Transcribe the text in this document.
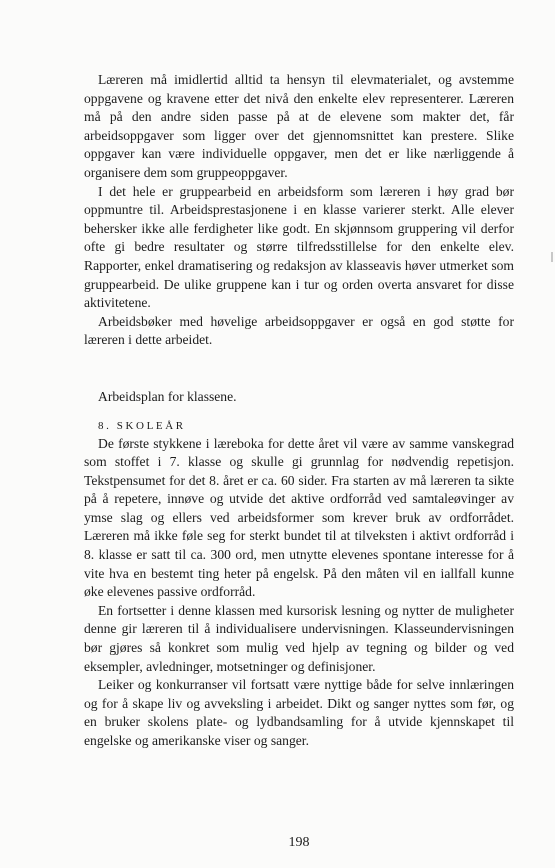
Læreren må imidlertid alltid ta hensyn til elevmaterialet, og avstemme oppgavene og kravene etter det nivå den enkelte elev representerer. Læreren må på den andre siden passe på at de elevene som makter det, får arbeidsoppgaver som ligger over det gjennomsnittet kan prestere. Slike oppgaver kan være individuelle oppgaver, men det er like nærliggende å organisere dem som gruppeoppgaver.

I det hele er gruppearbeid en arbeidsform som læreren i høy grad bør oppmuntre til. Arbeidsprestasjonene i en klasse varierer sterkt. Alle elever behersker ikke alle ferdigheter like godt. En skjønnsom gruppering vil derfor ofte gi bedre resultater og større tilfredsstillelse for den enkelte elev. Rapporter, enkel dramatisering og redaksjon av klasseavis høver utmerket som gruppearbeid. De ulike gruppene kan i tur og orden overta ansvaret for disse aktivitetene.

Arbeidsbøker med høvelige arbeidsoppgaver er også en god støtte for læreren i dette arbeidet.

Arbeidsplan for klassene.
8. SKOLEÅR

De første stykkene i læreboka for dette året vil være av samme vanskegrad som stoffet i 7. klasse og skulle gi grunnlag for nødvendig repetisjon. Tekstpensumet for det 8. året er ca. 60 sider. Fra starten av må læreren ta sikte på å repetere, innøve og utvide det aktive ordforråd ved samtaleøvinger av ymse slag og ellers ved arbeidsformer som krever bruk av ordforrådet. Læreren må ikke føle seg for sterkt bundet til at tilveksten i aktivt ordforråd i 8. klasse er satt til ca. 300 ord, men utnytte elevenes spontane interesse for å vite hva en bestemt ting heter på engelsk. På den måten vil en iallfall kunne øke elevenes passive ordforråd.

En fortsetter i denne klassen med kursorisk lesning og nytter de muligheter denne gir læreren til å individualisere undervisningen. Klasseundervisningen bør gjøres så konkret som mulig ved hjelp av tegning og bilder og ved eksempler, avledninger, motsetninger og definisjoner.

Leiker og konkurranser vil fortsatt være nyttige både for selve innlæringen og for å skape liv og avveksling i arbeidet. Dikt og sanger nyttes som før, og en bruker skolens plate- og lydbandsamling for å utvide kjennskapet til engelske og amerikanske viser og sanger.

198
